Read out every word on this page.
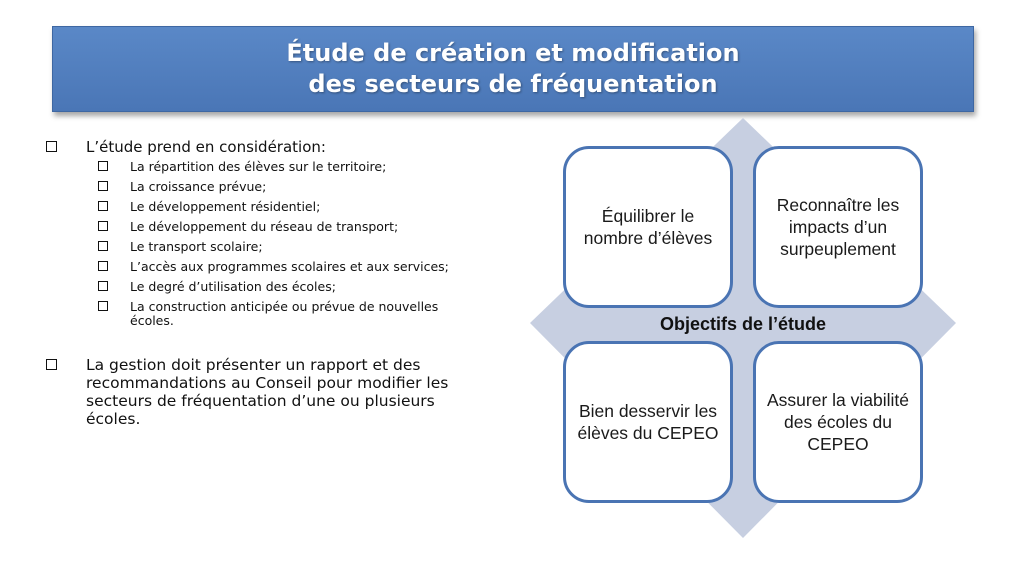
Étude de création et modification
des secteurs de fréquentation
L’étude prend en considération:
La répartition des élèves sur le territoire;
La croissance prévue;
Le développement résidentiel;
Le développement du réseau de transport;
Le transport scolaire;
L’accès aux programmes scolaires et aux services;
Le degré d’utilisation des écoles;
La construction anticipée ou prévue de nouvelles écoles.
La gestion doit présenter un rapport et des recommandations au Conseil pour modifier les secteurs de fréquentation d’une ou plusieurs écoles.
Équilibrer le nombre d’élèves
Reconnaître les impacts d’un surpeuplement
Bien desservir les élèves du CEPEO
Assurer la viabilité des écoles du CEPEO
Objectifs de l’étude
